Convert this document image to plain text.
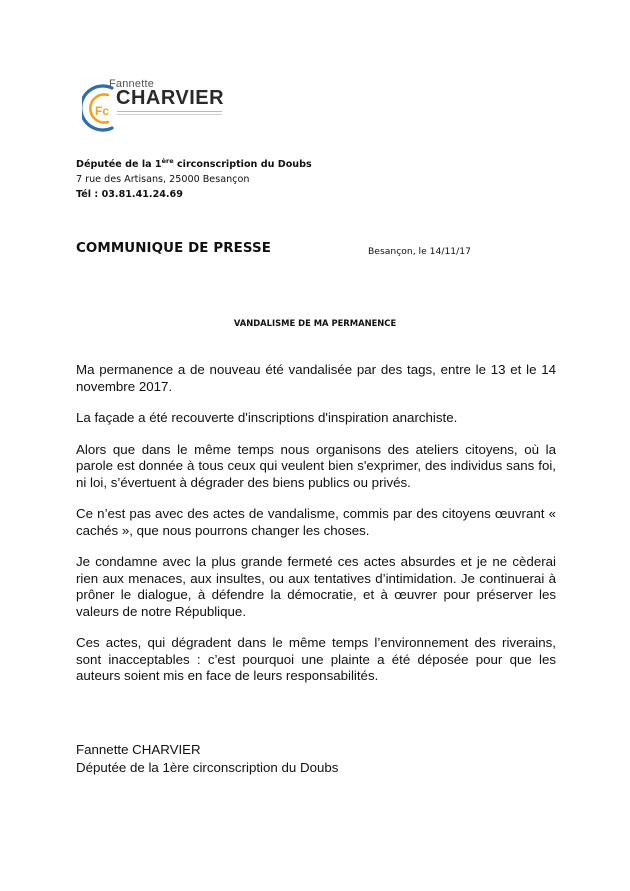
Fc
Fannette
CHARVIER
Députée de la 1ère circonscription du Doubs
7 rue des Artisans, 25000 Besançon
Tél : 03.81.41.24.69
COMMUNIQUE DE PRESSE	Besançon, le 14/11/17
VANDALISME DE MA PERMANENCE

Ma permanence a de nouveau été vandalisée par des tags, entre le 13 et le 14 novembre 2017.

La façade a été recouverte d'inscriptions d'inspiration anarchiste.

Alors que dans le même temps nous organisons des ateliers citoyens, où la parole est donnée à tous ceux qui veulent bien s'exprimer, des individus sans foi, ni loi, s’évertuent à dégrader des biens publics ou privés.

Ce n’est pas avec des actes de vandalisme, commis par des citoyens œuvrant « cachés », que nous pourrons changer les choses.

Je condamne avec la plus grande fermeté ces actes absurdes et je ne cèderai rien aux menaces, aux insultes, ou aux tentatives d’intimidation. Je continuerai à prôner le dialogue, à défendre la démocratie, et à œuvrer pour préserver les valeurs de notre République.

Ces actes, qui dégradent dans le même temps l’environnement des riverains, sont inacceptables : c’est pourquoi une plainte a été déposée pour que les auteurs soient mis en face de leurs responsabilités.

Fannette CHARVIER
Députée de la 1ère circonscription du Doubs
